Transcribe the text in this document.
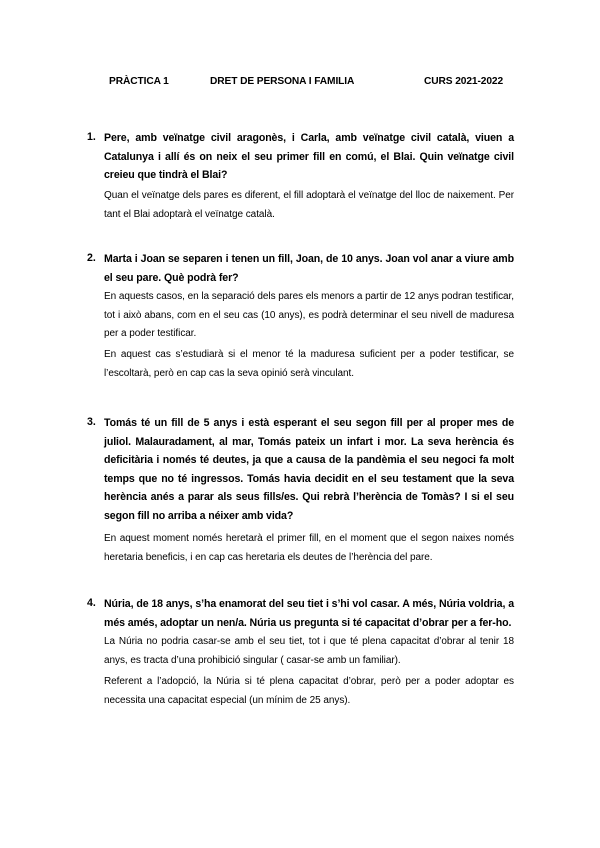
PRÀCTICA 1	DRET DE PERSONA I FAMILIA	CURS 2021-2022
1. Pere, amb veïnatge civil aragonès, i Carla, amb veïnatge civil català, viuen a Catalunya i allí és on neix el seu primer fill en comú, el Blai. Quin veïnatge civil creieu que tindrà el Blai?

Quan el veïnatge dels pares es diferent, el fill adoptarà el veïnatge del lloc de naixement. Per tant el Blai adoptarà el veïnatge català.

2. Marta i Joan se separen i tenen un fill, Joan, de 10 anys. Joan vol anar a viure amb el seu pare. Què podrà fer?

En aquests casos, en la separació dels pares els menors a partir de 12 anys podran testificar, tot i això abans, com en el seu cas (10 anys), es podrà determinar el seu nivell de maduresa per a poder testificar.

En aquest cas s’estudiarà si el menor té la maduresa suficient per a poder testificar, se l’escoltarà, però en cap cas la seva opinió serà vinculant.

3. Tomás té un fill de 5 anys i està esperant el seu segon fill per al proper mes de juliol. Malauradament, al mar, Tomás pateix un infart i mor. La seva herència és deficitària i només té deutes, ja que a causa de la pandèmia el seu negoci fa molt temps que no té ingressos. Tomás havia decidit en el seu testament que la seva herència anés a parar als seus fills/es. Qui rebrà l’herència de Tomàs? I si el seu segon fill no arriba a néixer amb vida?

En aquest moment només heretarà el primer fill, en el moment que el segon naixes només heretaria beneficis, i en cap cas heretaria els deutes de l’herència del pare.

4. Núria, de 18 anys, s’ha enamorat del seu tiet i s’hi vol casar. A més, Núria voldria, a més amés, adoptar un nen/a. Núria us pregunta si té capacitat d’obrar per a fer-ho.

La Núria no podria casar-se amb el seu tiet, tot i que té plena capacitat d’obrar al tenir 18 anys, es tracta d’una prohibició singular ( casar-se amb un familiar).

Referent a l’adopció, la Núria si té plena capacitat d’obrar, però per a poder adoptar es necessita una capacitat especial (un mínim de 25 anys).
